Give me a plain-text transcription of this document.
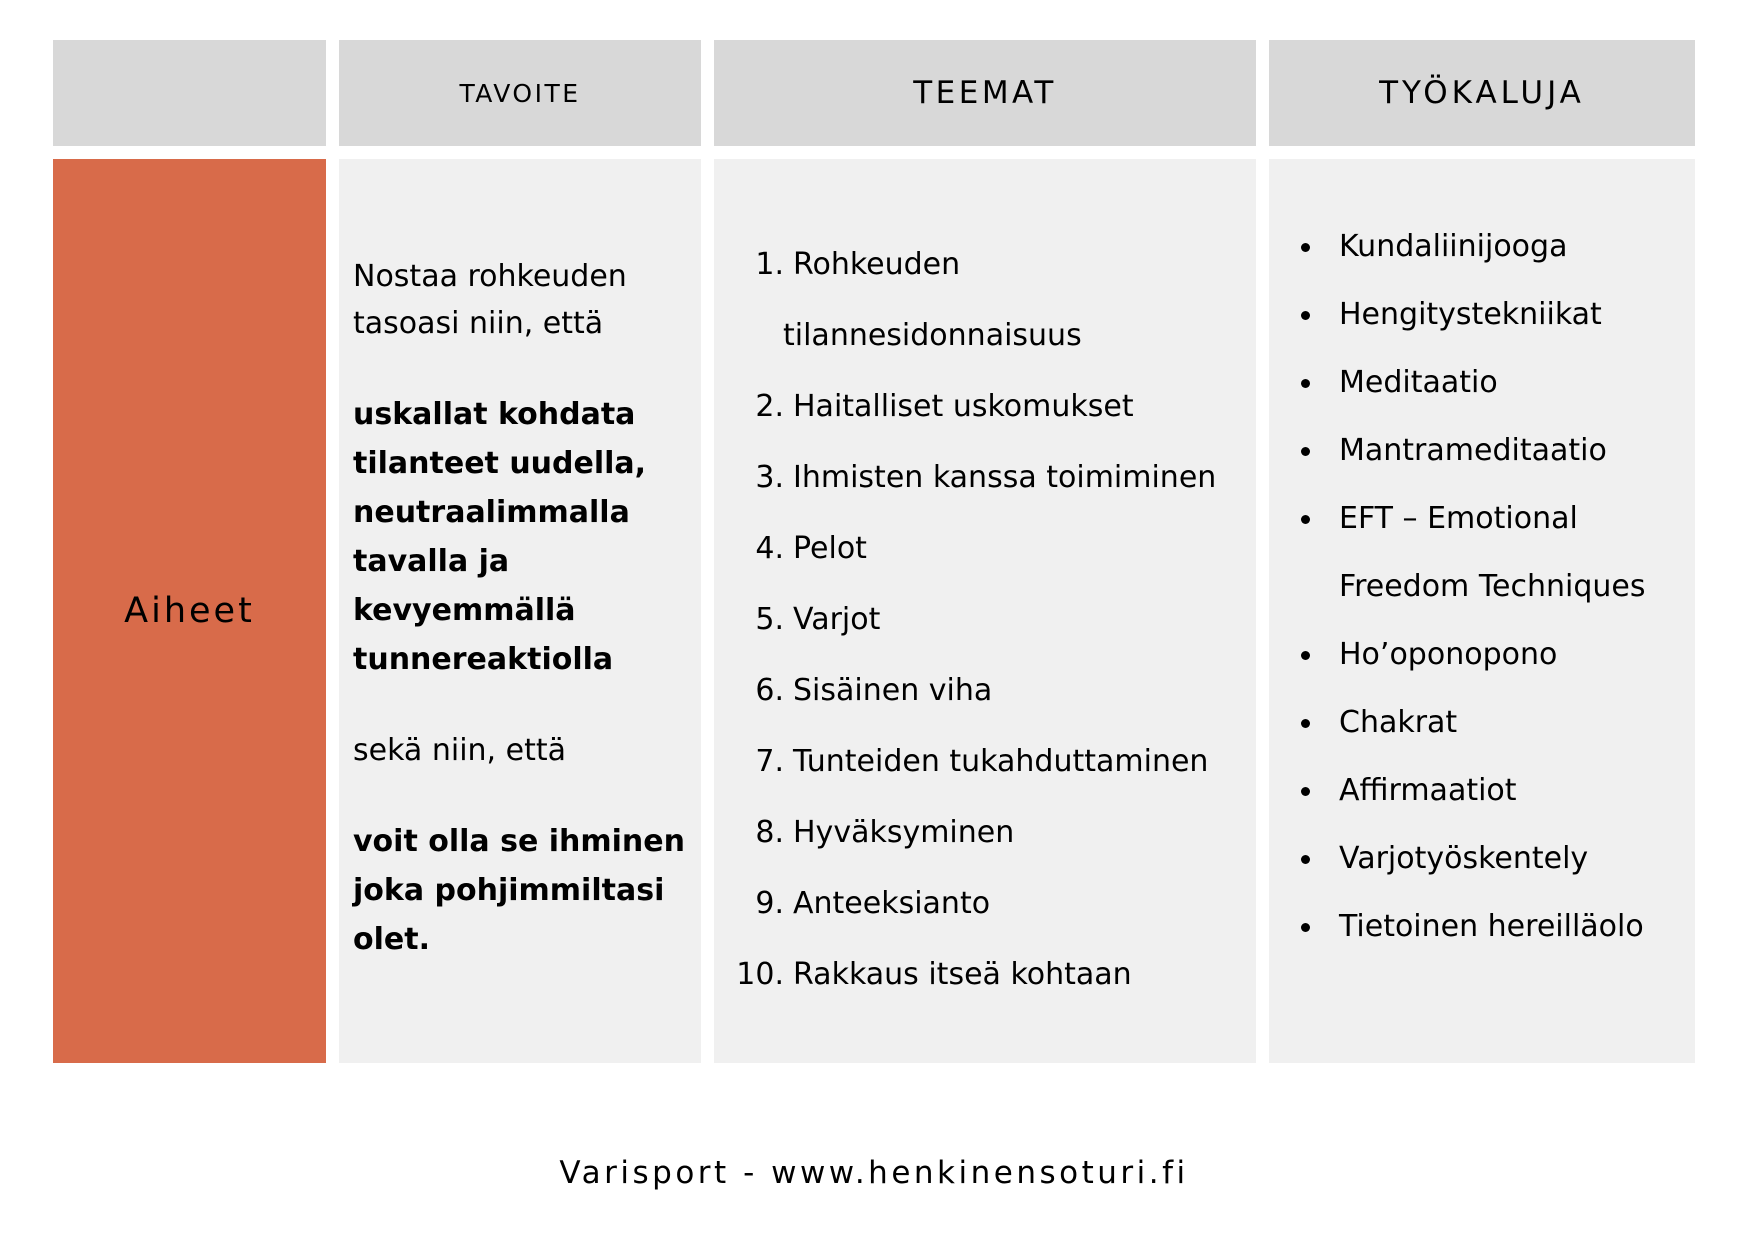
TAVOITE	TEEMAT	TYÖKALUJA
Aiheet

Nostaa rohkeuden
tasoasi niin, että

uskallat kohdata
tilanteet uudella,
neutraalimmalla
tavalla ja
kevyemmällä
tunnereaktiolla

sekä niin, että

voit olla se ihminen
joka pohjimmiltasi
olet.

1. Rohkeuden
tilannesidonnaisuus
2. Haitalliset uskomukset
3. Ihmisten kanssa toimiminen
4. Pelot
5. Varjot
6. Sisäinen viha
7. Tunteiden tukahduttaminen
8. Hyväksyminen
9. Anteeksianto
10. Rakkaus itseä kohtaan
Kundaliinijooga
Hengitystekniikat
Meditaatio
Mantrameditaatio
EFT – Emotional
Freedom Techniques
Ho’oponopono
Chakrat
Affirmaatiot
Varjotyöskentely
Tietoinen hereilläolo
Varisport - www.henkinensoturi.fi
